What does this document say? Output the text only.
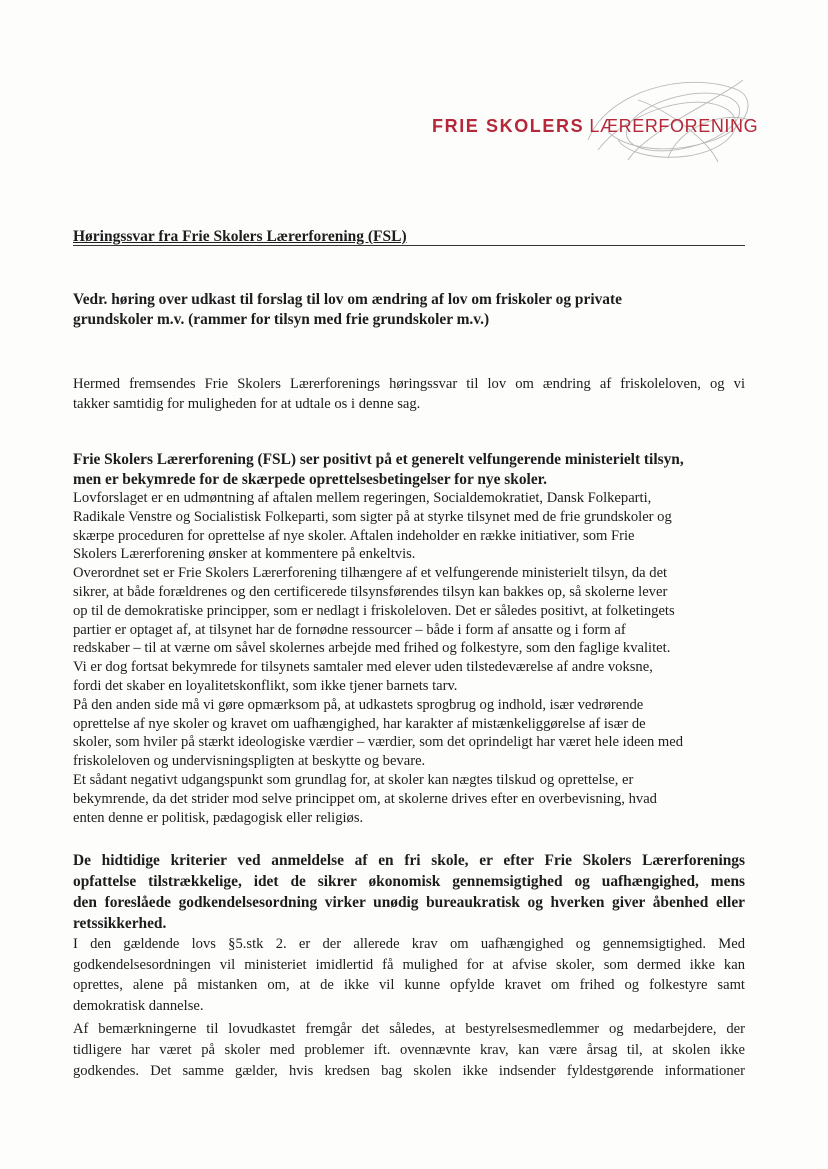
FRIE SKOLERS LÆRERFORENING
Høringssvar fra Frie Skolers Lærerforening (FSL)
Vedr. høring over udkast til forslag til lov om ændring af lov om friskoler og private
grundskoler m.v. (rammer for tilsyn med frie grundskoler m.v.)
Hermed fremsendes Frie Skolers Lærerforenings høringssvar til lov om ændring af friskoleloven, og vi
takker samtidig for muligheden for at udtale os i denne sag.
Frie Skolers Lærerforening (FSL) ser positivt på et generelt velfungerende ministerielt tilsyn,
men er bekymrede for de skærpede oprettelsesbetingelser for nye skoler.
Lovforslaget er en udmøntning af aftalen mellem regeringen, Socialdemokratiet, Dansk Folkeparti,
Radikale Venstre og Socialistisk Folkeparti, som sigter på at styrke tilsynet med de frie grundskoler og
skærpe proceduren for oprettelse af nye skoler. Aftalen indeholder en række initiativer, som Frie
Skolers Lærerforening ønsker at kommentere på enkeltvis.
Overordnet set er Frie Skolers Lærerforening tilhængere af et velfungerende ministerielt tilsyn, da det
sikrer, at både forældrenes og den certificerede tilsynsførendes tilsyn kan bakkes op, så skolerne lever
op til de demokratiske principper, som er nedlagt i friskoleloven. Det er således positivt, at folketingets
partier er optaget af, at tilsynet har de fornødne ressourcer – både i form af ansatte og i form af
redskaber – til at værne om såvel skolernes arbejde med frihed og folkestyre, som den faglige kvalitet.
Vi er dog fortsat bekymrede for tilsynets samtaler med elever uden tilstedeværelse af andre voksne,
fordi det skaber en loyalitetskonflikt, som ikke tjener barnets tarv.
På den anden side må vi gøre opmærksom på, at udkastets sprogbrug og indhold, især vedrørende
oprettelse af nye skoler og kravet om uafhængighed, har karakter af mistænkeliggørelse af især de
skoler, som hviler på stærkt ideologiske værdier – værdier, som det oprindeligt har været hele ideen med
friskoleloven og undervisningspligten at beskytte og bevare.
Et sådant negativt udgangspunkt som grundlag for, at skoler kan nægtes tilskud og oprettelse, er
bekymrende, da det strider mod selve princippet om, at skolerne drives efter en overbevisning, hvad
enten denne er politisk, pædagogisk eller religiøs.
De hidtidige kriterier ved anmeldelse af en fri skole, er efter Frie Skolers Lærerforenings
opfattelse tilstrækkelige, idet de sikrer økonomisk gennemsigtighed og uafhængighed, mens
den foreslåede godkendelsesordning virker unødig bureaukratisk og hverken giver åbenhed eller
retssikkerhed.
I den gældende lovs §5.stk 2. er der allerede krav om uafhængighed og gennemsigtighed. Med
godkendelsesordningen vil ministeriet imidlertid få mulighed for at afvise skoler, som dermed ikke kan
oprettes, alene på mistanken om, at de ikke vil kunne opfylde kravet om frihed og folkestyre samt
demokratisk dannelse.
Af bemærkningerne til lovudkastet fremgår det således, at bestyrelsesmedlemmer og medarbejdere, der
tidligere har været på skoler med problemer ift. ovennævnte krav, kan være årsag til, at skolen ikke
godkendes. Det samme gælder, hvis kredsen bag skolen ikke indsender fyldestgørende informationer
